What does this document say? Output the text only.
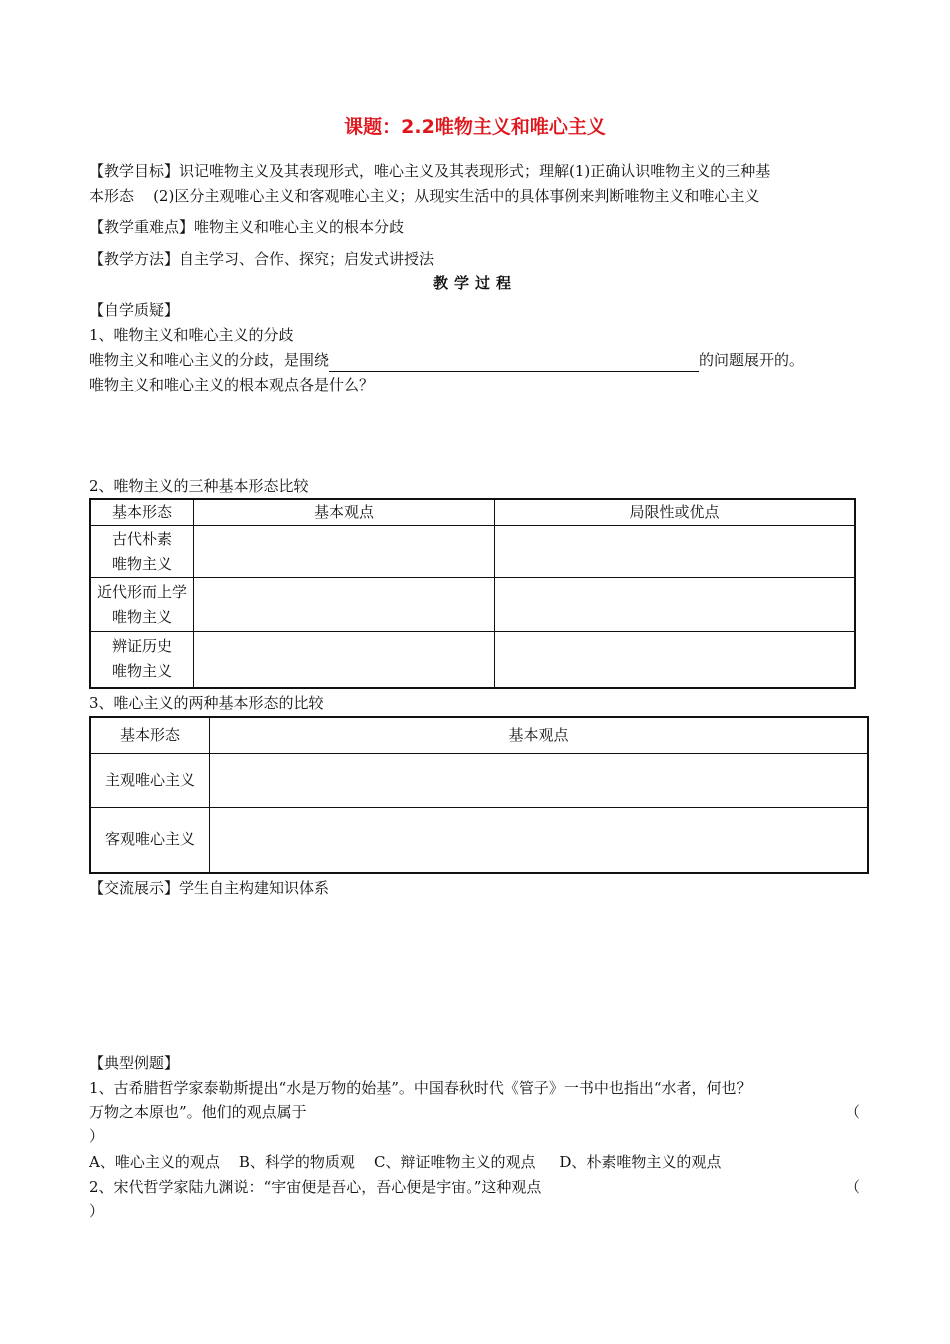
课题：2.2唯物主义和唯心主义
【教学目标】识记唯物主义及其表现形式，唯心主义及其表现形式；理解(1)正确认识唯物主义的三种基
本形态    (2)区分主观唯心主义和客观唯心主义；从现实生活中的具体事例来判断唯物主义和唯心主义
【教学重难点】唯物主义和唯心主义的根本分歧
【教学方法】自主学习、合作、探究；启发式讲授法
教学过程
【自学质疑】
1、唯物主义和唯心主义的分歧
唯物主义和唯心主义的分歧，是围绕	的问题展开的。
唯物主义和唯心主义的根本观点各是什么？
2、唯物主义的三种基本形态比较
基本形态	基本观点	局限性或优点
古代朴素
唯物主义		
近代形而上学
唯物主义		
辨证历史
唯物主义		
3、唯心主义的两种基本形态的比较
基本形态	基本观点
主观唯心主义	
客观唯心主义	
【交流展示】学生自主构建知识体系
【典型例题】
1、古希腊哲学家泰勒斯提出“水是万物的始基”。中国春秋时代《管子》一书中也指出“水者，何也？
万物之本原也”。他们的观点属于	（
）
A、唯心主义的观点    B、科学的物质观    C、辩证唯物主义的观点     D、朴素唯物主义的观点
2、宋代哲学家陆九渊说：“宇宙便是吾心，吾心便是宇宙。”这种观点	（
）
